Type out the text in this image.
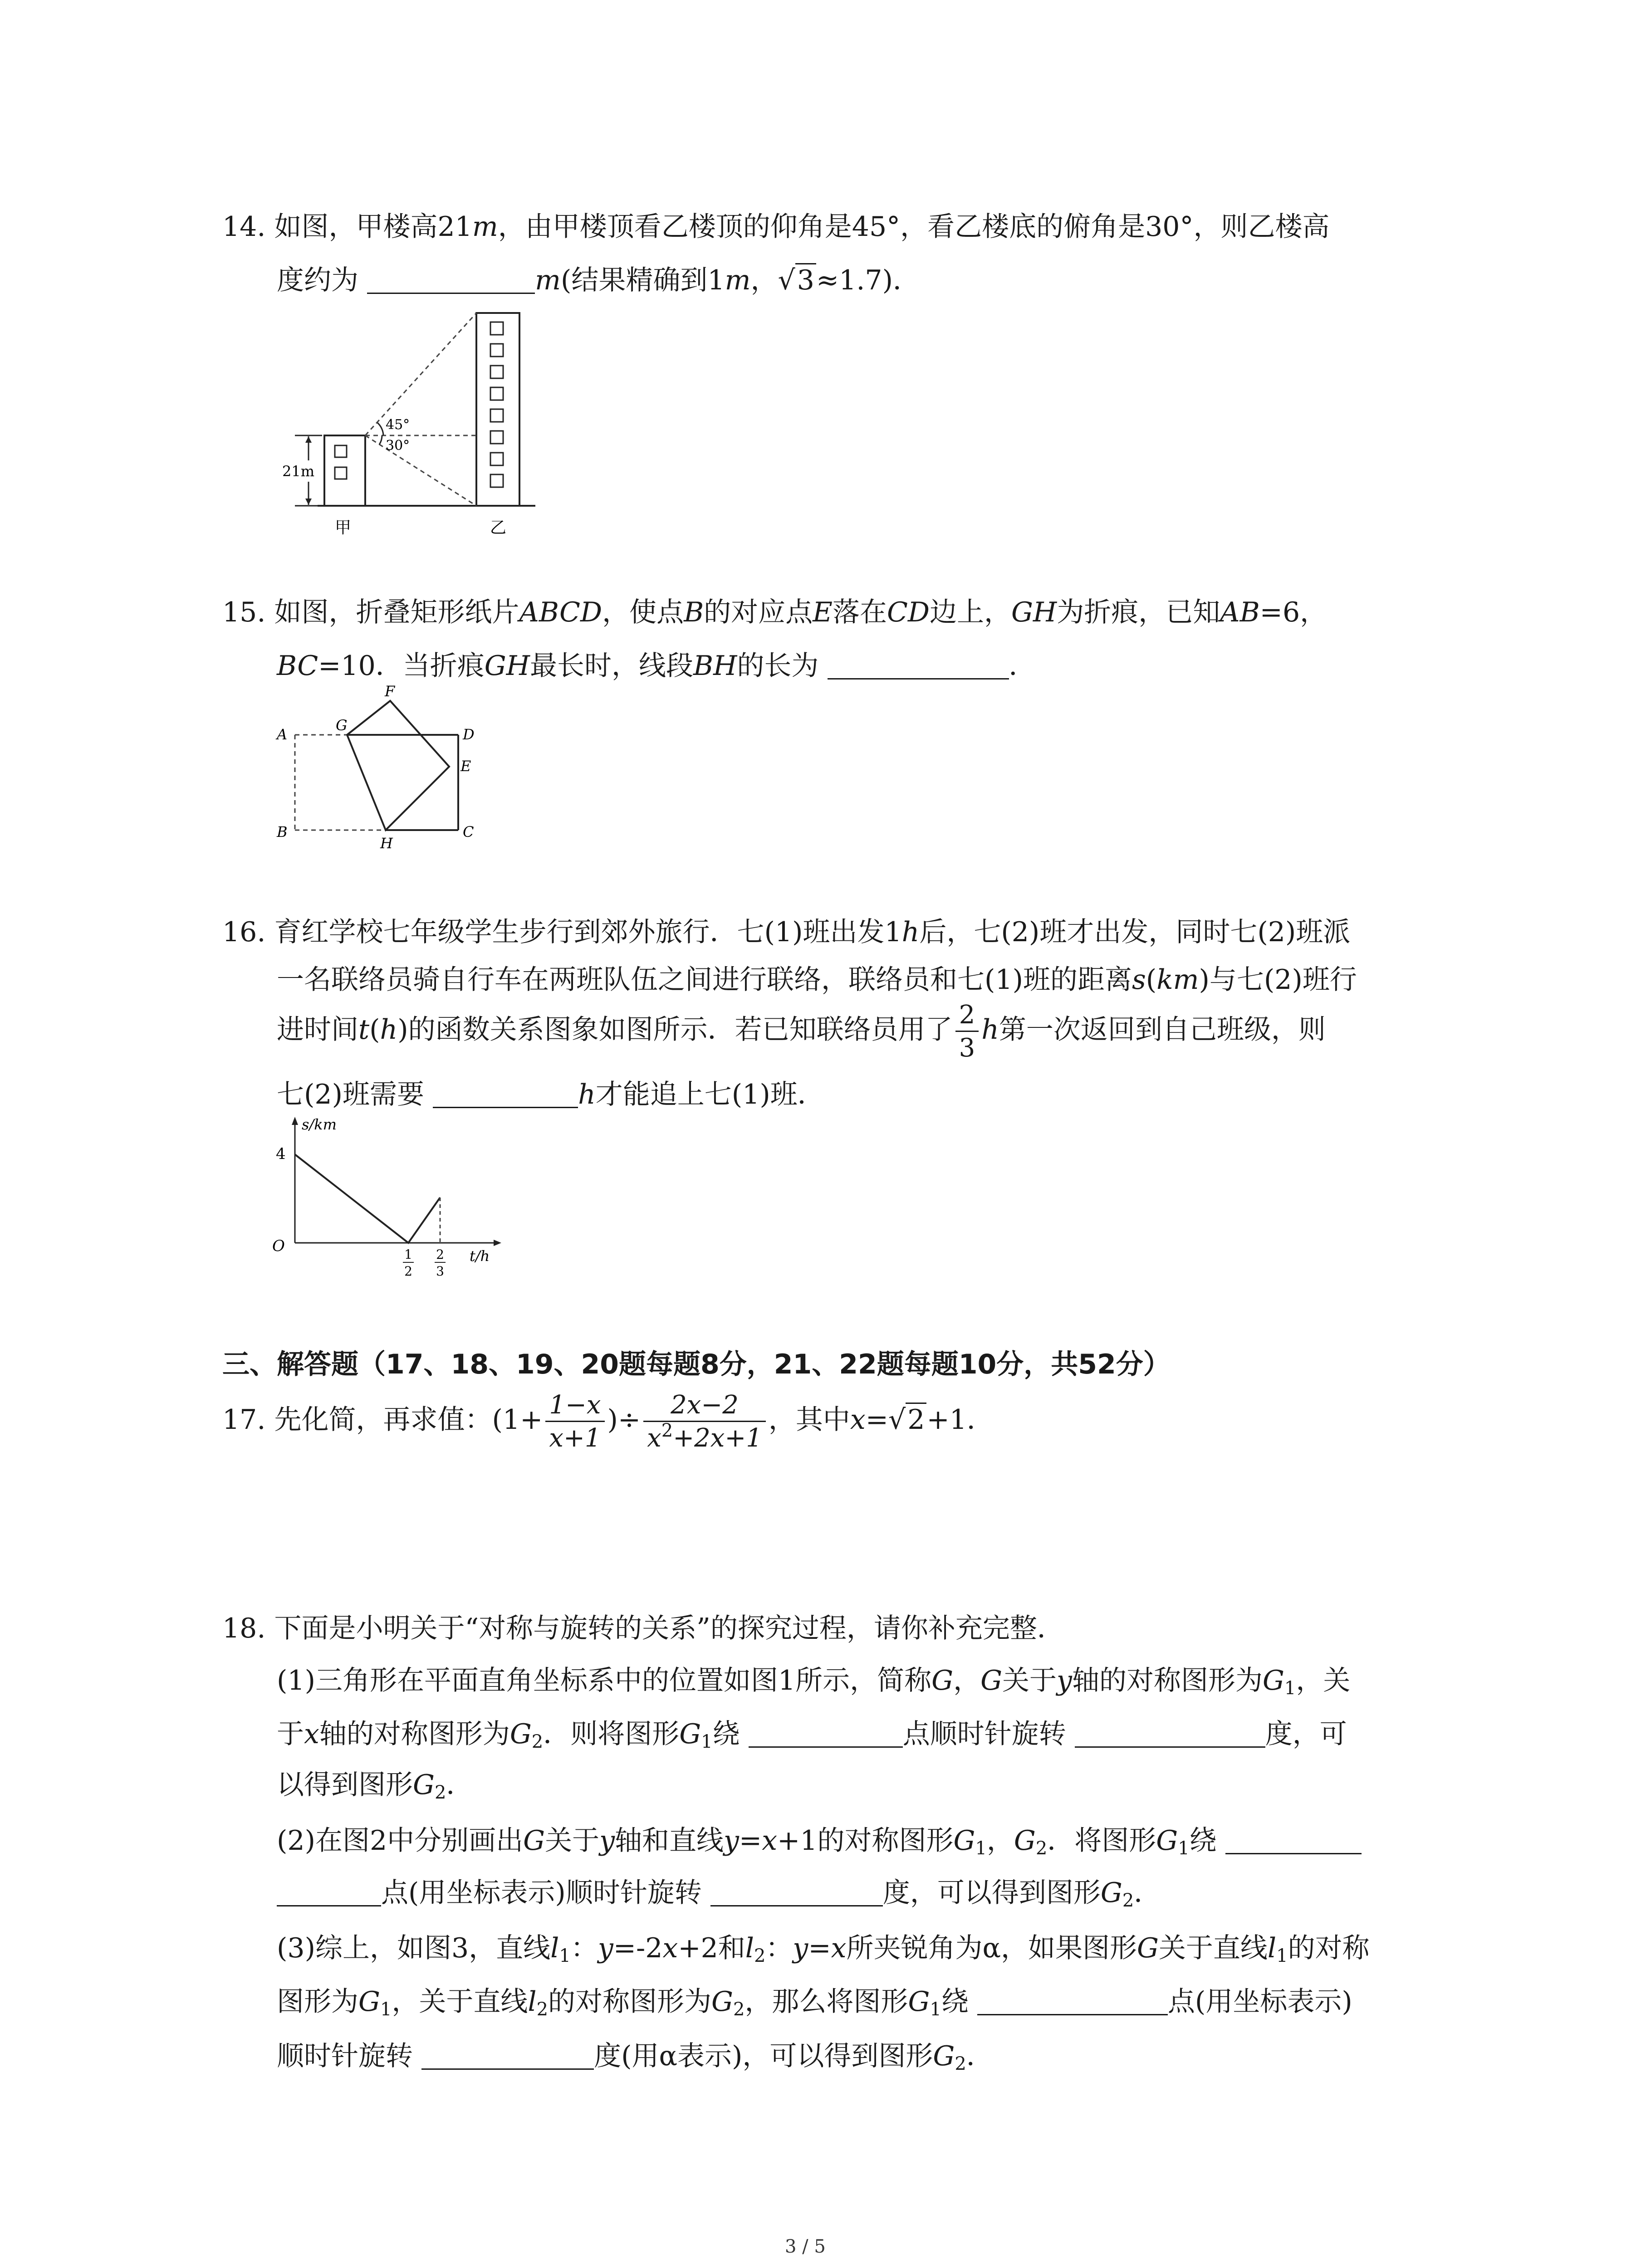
14. 如图，甲楼高21m，由甲楼顶看乙楼顶的仰角是45°，看乙楼底的俯角是30°，则乙楼高
度约为	m(结果精确到1m，√3≈1.7)．
45°
30°
21m
甲	乙
15. 如图，折叠矩形纸片ABCD，使点B的对应点E落在CD边上，GH为折痕，已知AB=6，
BC=10．当折痕GH最长时，线段BH的长为	．
A
B	C
D
E
F
G
H
16. 育红学校七年级学生步行到郊外旅行．七(1)班出发1h后，七(2)班才出发，同时七(2)班派
一名联络员骑自行车在两班队伍之间进行联络，联络员和七(1)班的距离s(km)与七(2)班行
进时间t(h)的函数关系图象如图所示．若已知联络员用了 $\frac{2}{3}$ h第一次返回到自己班级，则
七(2)班需要	h才能追上七(1)班．
s/km
t/h
4
O	1
2
2
3
三、解答题（17、18、19、20题每题8分，21、22题每题10分，共52分）
17. 先化简，再求值：($1+ \frac{1-x}{x+1}$ )÷ $\frac{2x-2}{x^2+2x+1}$ ，其中x=√2+1．
18. 下面是小明关于“对称与旋转的关系”的探究过程，请你补充完整．
(1)三角形在平面直角坐标系中的位置如图1所示，简称G，G关于y轴的对称图形为$G_1$，关
于x轴的对称图形为$G_2$．则将图形$G_1$绕	点顺时针旋转	度，可
以得到图形$G_2$．
(2)在图2中分别画出G关于y轴和直线y=x+1的对称图形$G_1$，$G_2$．将图形$G_1$绕
点(用坐标表示)顺时针旋转	度，可以得到图形$G_2$．
(3)综上，如图3，直线$l_1$：y=-2x+2和$l_2$：y=x所夹锐角为α，如果图形G关于直线$l_1$的对称
图形为$G_1$，关于直线$l_2$的对称图形为$G_2$，那么将图形$G_1$绕	点(用坐标表示)
顺时针旋转	度(用α表示)，可以得到图形$G_2$．
3 / 5
